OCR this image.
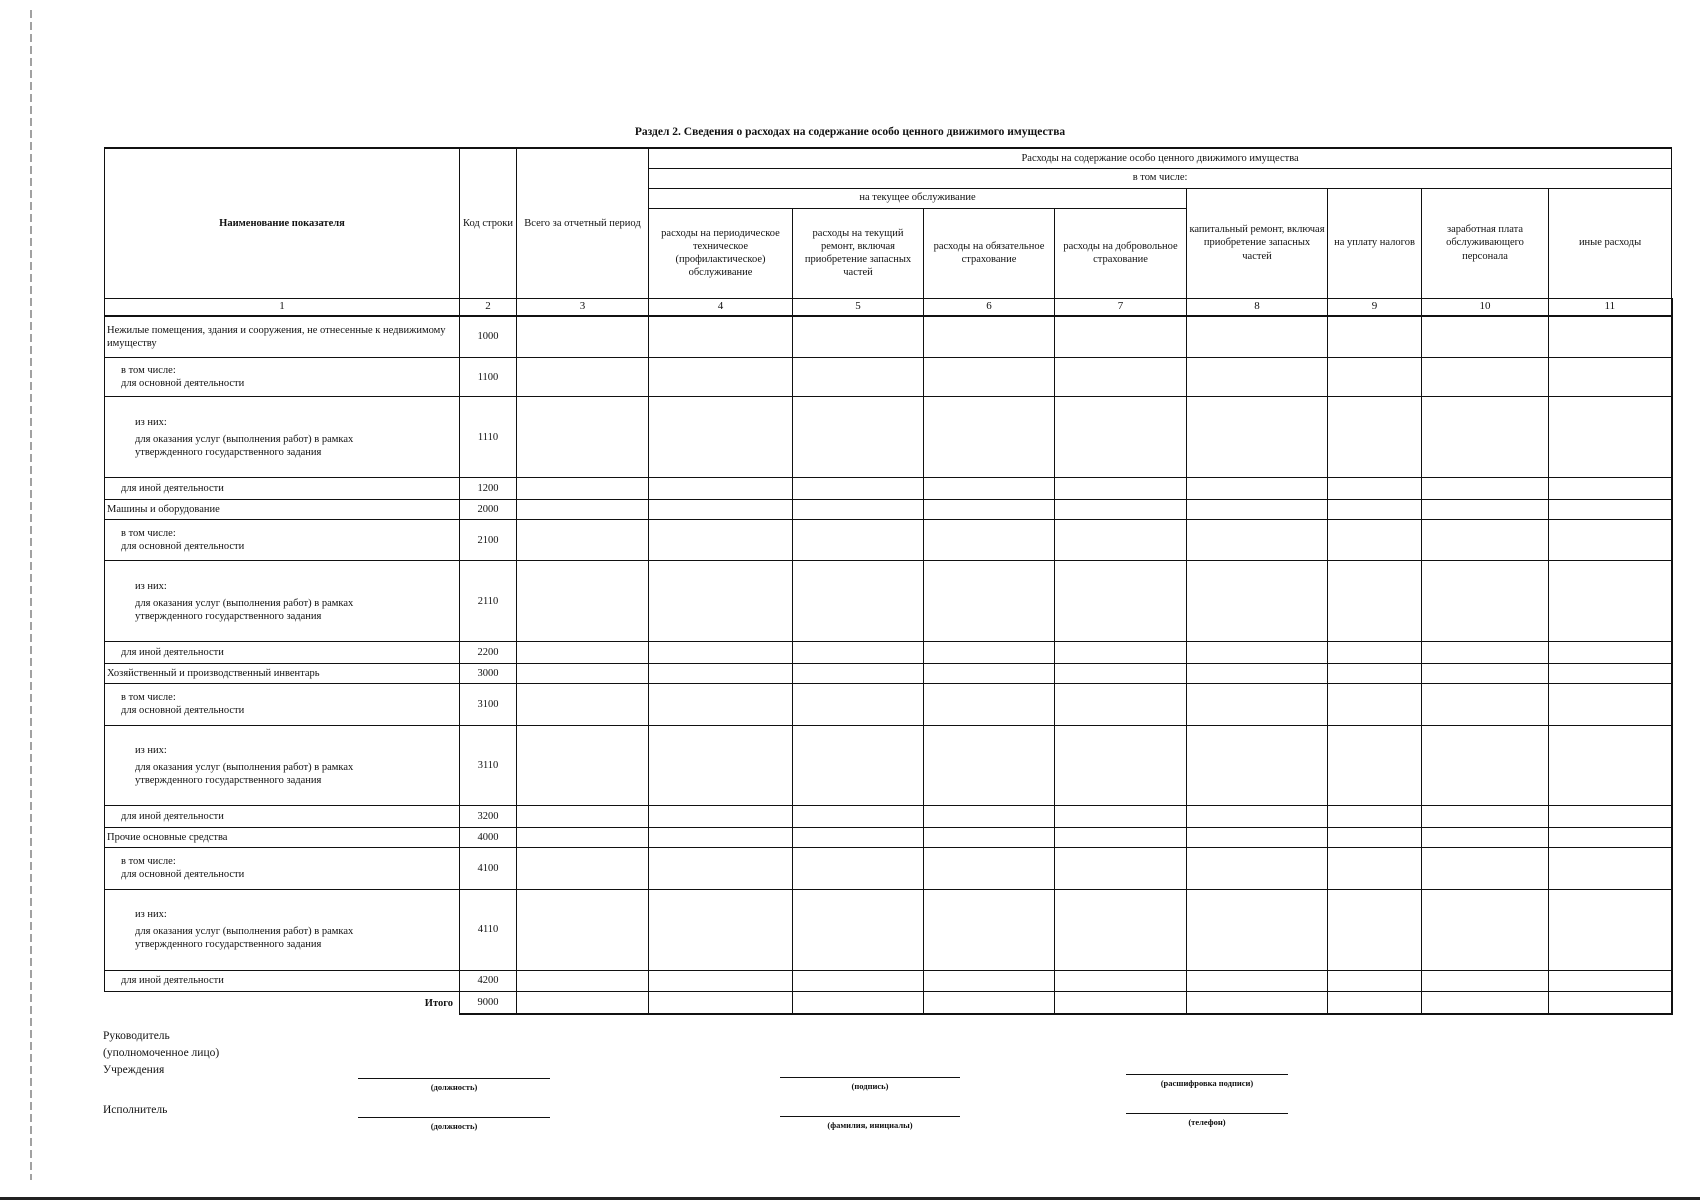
Раздел 2. Сведения о расходах на содержание особо ценного движимого имущества
Наименование показателя	Код строки	Всего за отчетный период	Расходы на содержание особо ценного движимого имущества							
			в том числе:							
			на текущее обслуживание				капитальный ремонт, включая приобретение запасных частей	на уплату налогов	заработная плата обслуживающего персонала	иные расходы
			расходы на периодическое техническое (профилактическое) обслуживание	расходы на текущий ремонт, включая приобретение запасных частей	расходы на обязательное страхование	расходы на добровольное страхование				
1	2	3	4	5	6	7	8	9	10	11

Нежилые помещения, здания и сооружения, не отнесенные к недвижимому имуществу	1000									

в том числе:
для основной деятельности	1100									

из них:
для оказания услуг (выполнения работ) в рамках утвержденного государственного задания	1110									

для иной деятельности	1200									

Машины и оборудование	2000									

в том числе:
для основной деятельности	2100									

из них:
для оказания услуг (выполнения работ) в рамках утвержденного государственного задания	2110									

для иной деятельности	2200									

Хозяйственный и производственный инвентарь	3000									

в том числе:
для основной деятельности	3100									

из них:
для оказания услуг (выполнения работ) в рамках утвержденного государственного задания	3110									

для иной деятельности	3200									

Прочие основные средства	4000									

в том числе:
для основной деятельности	4100									

из них:
для оказания услуг (выполнения работ) в рамках утвержденного государственного задания	4110									

для иной деятельности	4200									
Итого	9000									
Руководитель
(уполномоченное лицо)
Учреждения
(должность)	(подпись)	(расшифровка подписи)
Исполнитель
(должность)	(фамилия, инициалы)	(телефон)
